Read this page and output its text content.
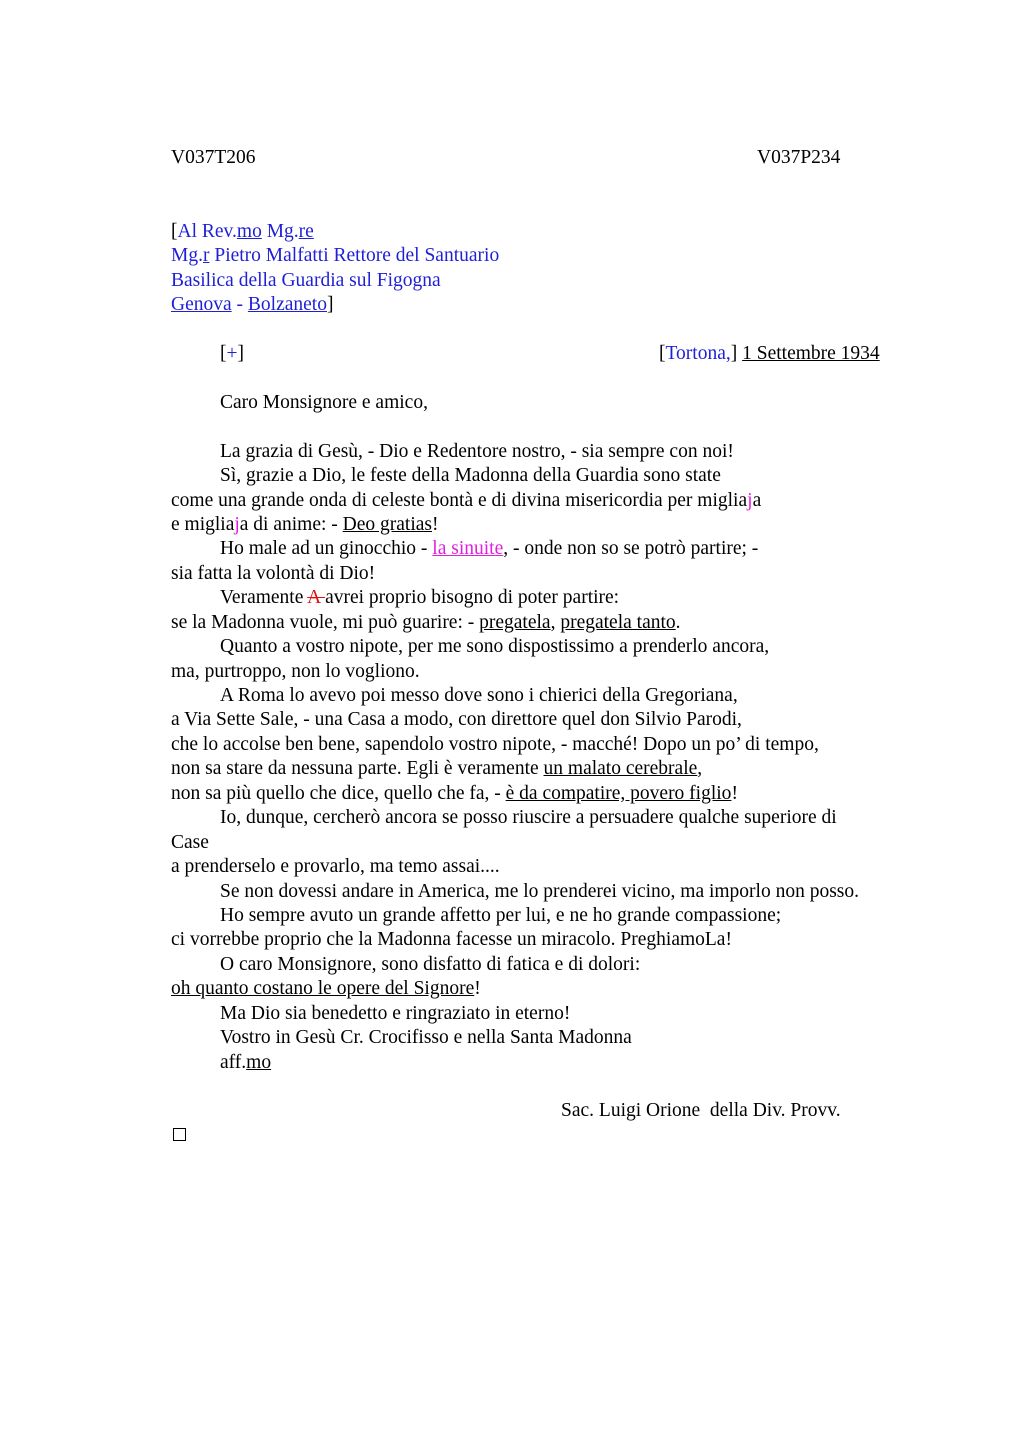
V037T206	V037P234
[Al Rev.mo Mg.re
Mg.r Pietro Malfatti Rettore del Santuario
Basilica della Guardia sul Figogna
Genova - Bolzaneto]
[+]	[Tortona,] 1 Settembre 1934
Caro Monsignore e amico,
La grazia di Gesù, - Dio e Redentore nostro, - sia sempre con noi!
Sì, grazie a Dio, le feste della Madonna della Guardia sono state
come una grande onda di celeste bontà e di divina misericordia per migliaja
e migliaja di anime: - Deo gratias!
Ho male ad un ginocchio - la sinuite, - onde non so se potrò partire; -
sia fatta la volontà di Dio!
Veramente A avrei proprio bisogno di poter partire:
se la Madonna vuole, mi può guarire: - pregatela, pregatela tanto.
Quanto a vostro nipote, per me sono dispostissimo a prenderlo ancora,
ma, purtroppo, non lo vogliono.
A Roma lo avevo poi messo dove sono i chierici della Gregoriana,
a Via Sette Sale, - una Casa a modo, con direttore quel don Silvio Parodi,
che lo accolse ben bene, sapendolo vostro nipote, - macché! Dopo un po’ di tempo,
non sa stare da nessuna parte. Egli è veramente un malato cerebrale,
non sa più quello che dice, quello che fa, - è da compatire, povero figlio!
Io, dunque, cercherò ancora se posso riuscire a persuadere qualche superiore di
Case
a prenderselo e provarlo, ma temo assai....
Se non dovessi andare in America, me lo prenderei vicino, ma imporlo non posso.
Ho sempre avuto un grande affetto per lui, e ne ho grande compassione;
ci vorrebbe proprio che la Madonna facesse un miracolo. PreghiamoLa!
O caro Monsignore, sono disfatto di fatica e di dolori:
oh quanto costano le opere del Signore!
Ma Dio sia benedetto e ringraziato in eterno!
Vostro in Gesù Cr. Crocifisso e nella Santa Madonna
aff.mo
Sac. Luigi Orione  della Div. Provv.
